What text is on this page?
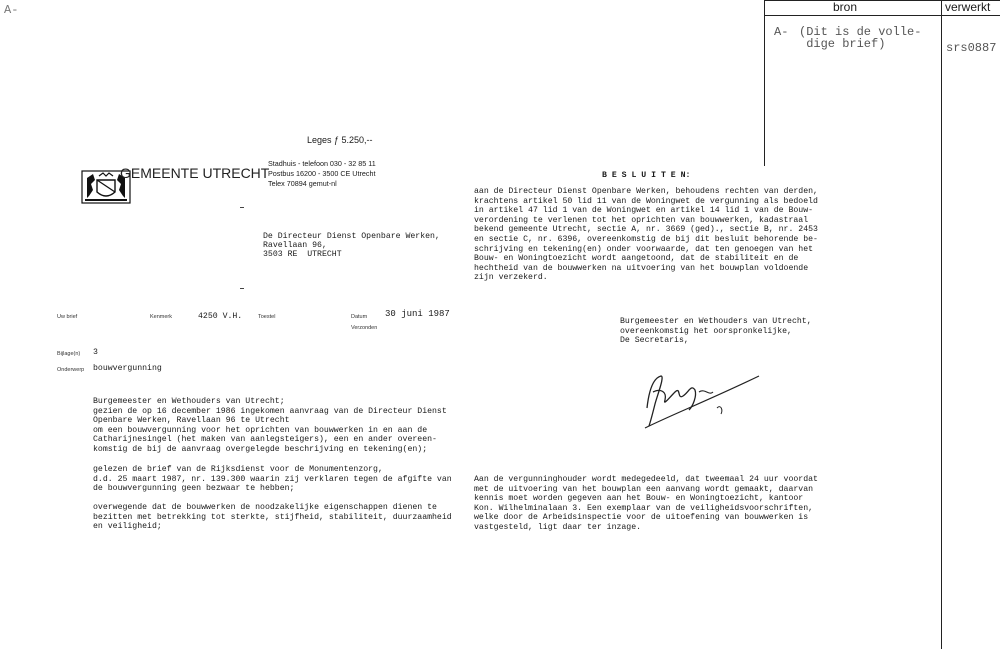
A-	bron	verwerkt
A- (Dit is de volle-
dige brief)	srs0887
Leges ƒ 5.250,--

GEMEENTE UTRECHT
Stadhuis - telefoon 030 - 32 85 11
Postbus 16200 - 3500 CE Utrecht
Telex 70894 gemut-nl
De Directeur Dienst Openbare Werken,
Ravellaan 96,
3503 RE  UTRECHT
Uw brief	Kenmerk	4250 V.H.	Toestel	Datum 30 juni 1987
Verzonden
Bijlage(n) 3
Onderwerp bouwvergunning
Burgemeester en Wethouders van Utrecht;
gezien de op 16 december 1986 ingekomen aanvraag van de Directeur Dienst
Openbare Werken, Ravellaan 96 te Utrecht
om een bouwvergunning voor het oprichten van bouwwerken in en aan de
Catharijnesingel (het maken van aanlegsteigers), een en ander overeen-
komstig de bij de aanvraag overgelegde beschrijving en tekening(en);
gelezen de brief van de Rijksdienst voor de Monumentenzorg,
d.d. 25 maart 1987, nr. 139.300 waarin zij verklaren tegen de afgifte van
de bouwvergunning geen bezwaar te hebben;
overwegende dat de bouwwerken de noodzakelijke eigenschappen dienen te
bezitten met betrekking tot sterkte, stijfheid, stabiliteit, duurzaamheid
en veiligheid;
B E S L U I T E N:
aan de Directeur Dienst Openbare Werken, behoudens rechten van derden,
krachtens artikel 50 lid 11 van de Woningwet de vergunning als bedoeld
in artikel 47 lid 1 van de Woningwet en artikel 14 lid 1 van de Bouw-
verordening te verlenen tot het oprichten van bouwwerken, kadastraal
bekend gemeente Utrecht, sectie A, nr. 3669 (ged)., sectie B, nr. 2453
en sectie C, nr. 6396, overeenkomstig de bij dit besluit behorende be-
schrijving en tekening(en) onder voorwaarde, dat ten genoegen van het
Bouw- en Woningtoezicht wordt aangetoond, dat de stabiliteit en de
hechtheid van de bouwwerken na uitvoering van het bouwplan voldoende
zijn verzekerd.
Burgemeester en Wethouders van Utrecht,
overeenkomstig het oorspronkelijke,
De Secretaris,

Aan de vergunninghouder wordt medegedeeld, dat tweemaal 24 uur voordat
met de uitvoering van het bouwplan een aanvang wordt gemaakt, daarvan
kennis moet worden gegeven aan het Bouw- en Woningtoezicht, kantoor
Kon. Wilhelminalaan 3. Een exemplaar van de veiligheidsvoorschriften,
welke door de Arbeidsinspectie voor de uitoefening van bouwwerken is
vastgesteld, ligt daar ter inzage.
